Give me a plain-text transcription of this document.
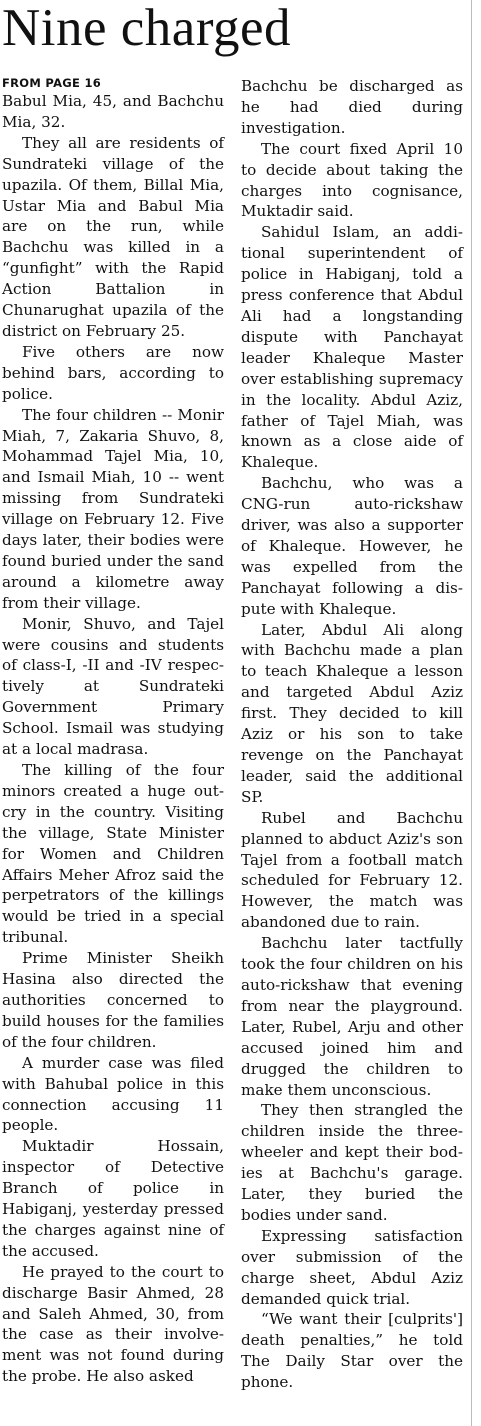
Nine charged
FROM PAGE 16

Babul Mia, 45, and Bachchu Mia, 32.

They all are residents of Sundrateki village of the upazila. Of them, Billal Mia, Ustar Mia and Babul Mia are on the run, while Bachchu was killed in a “gunfight” with the Rapid Action Battalion in Chunarughat upazila of the district on February 25.

Five others are now behind bars, according to police.

The four children -- Monir Miah, 7, Zakaria Shuvo, 8, Mohammad Tajel Mia, 10, and Ismail Miah, 10 -- went missing from Sundrateki village on February 12. Five days later, their bodies were found buried under the sand around a kilometre away from their village.

Monir, Shuvo, and Tajel were cousins and students of class-I, -II and -IV respectively at Sundrateki Government Primary School. Ismail was studying at a local madrasa.

The killing of the four minors created a huge outcry in the country. Visiting the village, State Minister for Women and Children Affairs Meher Afroz said the perpetrators of the killings would be tried in a special tribunal.

Prime Minister Sheikh Hasina also directed the authorities concerned to build houses for the families of the four children.

A murder case was filed with Bahubal police in this connection accusing 11 people.

Muktadir Hossain, inspector of Detective Branch of police in Habiganj, yesterday pressed the charges against nine of the accused.

He prayed to the court to discharge Basir Ahmed, 28 and Saleh Ahmed, 30, from the case as their involvement was not found during the probe. He also asked

Bachchu be discharged as he had died during investigation.

The court fixed April 10 to decide about taking the charges into cognisance, Muktadir said.

Sahidul Islam, an additional superintendent of police in Habiganj, told a press conference that Abdul Ali had a longstanding dispute with Panchayat leader Khaleque Master over establishing supremacy in the locality. Abdul Aziz, father of Tajel Miah, was known as a close aide of Khaleque.

Bachchu, who was a CNG-run auto-rickshaw driver, was also a supporter of Khaleque. However, he was expelled from the Panchayat following a dispute with Khaleque.

Later, Abdul Ali along with Bachchu made a plan to teach Khaleque a lesson and targeted Abdul Aziz first. They decided to kill Aziz or his son to take revenge on the Panchayat leader, said the additional SP.

Rubel and Bachchu planned to abduct Aziz's son Tajel from a football match scheduled for February 12. However, the match was abandoned due to rain.

Bachchu later tactfully took the four children on his auto-rickshaw that evening from near the playground. Later, Rubel, Arju and other accused joined him and drugged the children to make them unconscious.

They then strangled the children inside the three-wheeler and kept their bodies at Bachchu's garage. Later, they buried the bodies under sand.

Expressing satisfaction over submission of the charge sheet, Abdul Aziz demanded quick trial.

“We want their [culprits'] death penalties,” he told The Daily Star over the phone.
